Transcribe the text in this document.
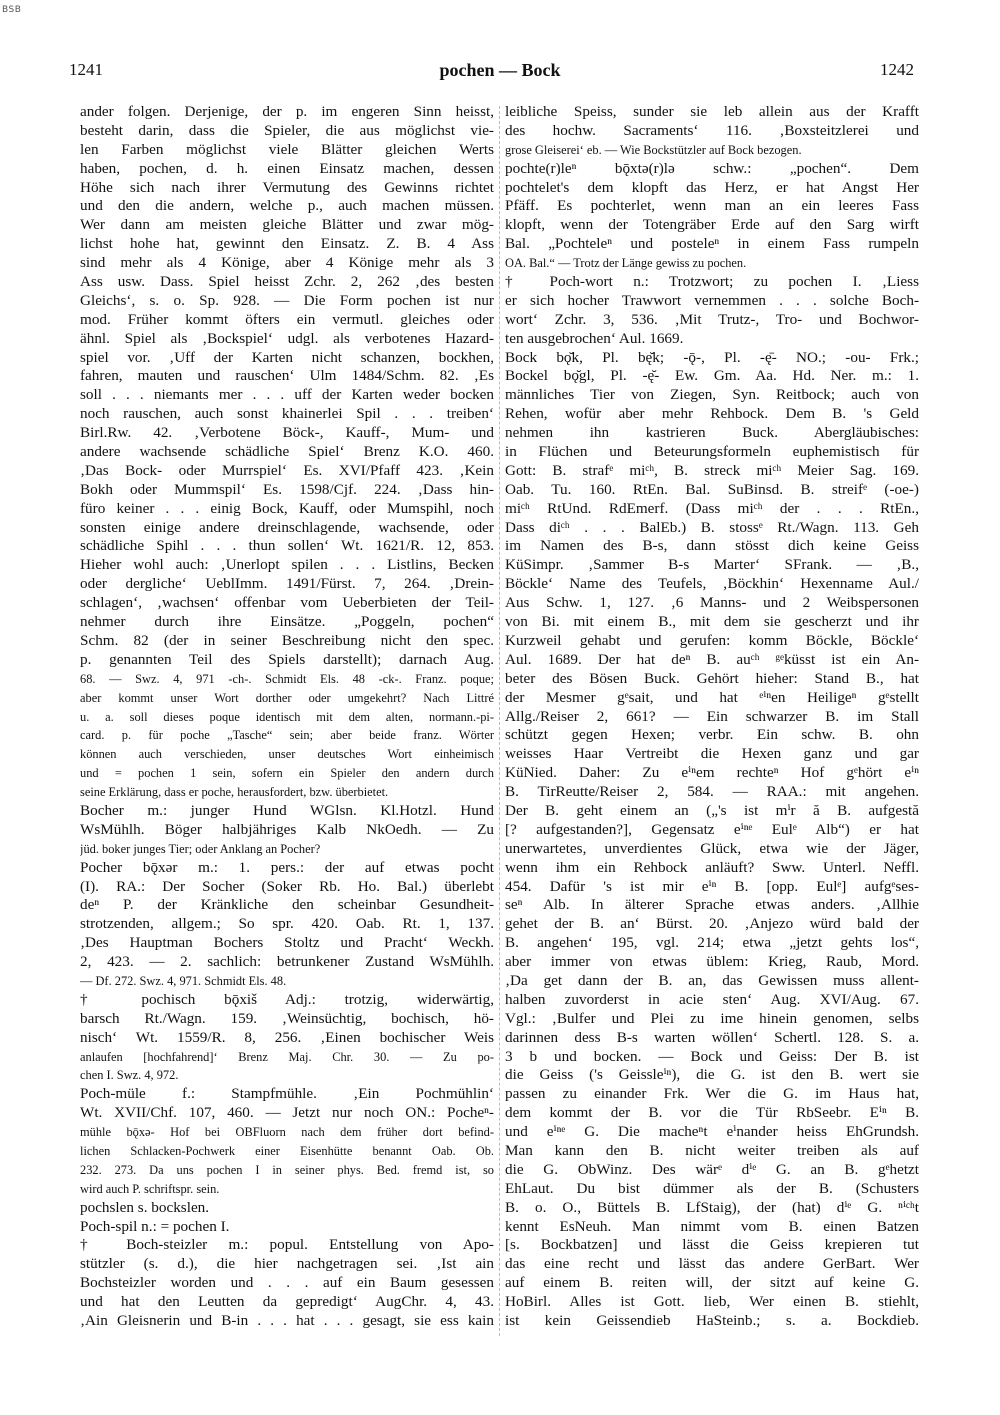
BSB
1241	pochen — Bock	1242
ander folgen. Derjenige, der p. im engeren Sinn heisst,
besteht darin, dass die Spieler, die aus möglichst vie-
len Farben möglichst viele Blätter gleichen Werts
haben, pochen, d. h. einen Einsatz machen, dessen
Höhe sich nach ihrer Vermutung des Gewinns richtet
und den die andern, welche p., auch machen müssen.
Wer dann am meisten gleiche Blätter und zwar mög-
lichst hohe hat, gewinnt den Einsatz. Z. B. 4 Ass
sind mehr als 4 Könige, aber 4 Könige mehr als 3
Ass usw. Dass. Spiel heisst Zchr. 2, 262 ‚des besten
Gleichs‘, s. o. Sp. 928. — Die Form pochen ist nur
mod. Früher kommt öfters ein vermutl. gleiches oder
ähnl. Spiel als ‚Bockspiel‘ udgl. als verbotenes Hazard-
spiel vor. ‚Uff der Karten nicht schanzen, bockhen,
fahren, mauten und rauschen‘ Ulm 1484/Schm. 82. ‚Es
soll . . . niemants mer . . . uff der Karten weder bocken
noch rauschen, auch sonst khainerlei Spil . . . treiben‘
Birl.Rw. 42. ‚Verbotene Böck-, Kauff-, Mum- und
andere wachsende schädliche Spiel‘ Brenz K.O. 460.
‚Das Bock- oder Murrspiel‘ Es. XVI/Pfaff 423. ‚Kein
Bokh oder Mummspil‘ Es. 1598/Cjf. 224. ‚Dass hin-
füro keiner . . . einig Bock, Kauff, oder Mumspihl, noch
sonsten einige andere dreinschlagende, wachsende, oder
schädliche Spihl . . . thun sollen‘ Wt. 1621/R. 12, 853.
Hieher wohl auch: ‚Unerlopt spilen . . . Listlins, Becken
oder dergliche‘ UeblImm. 1491/Fürst. 7, 264. ‚Drein-
schlagen‘, ‚wachsen‘ offenbar vom Ueberbieten der Teil-
nehmer durch ihre Einsätze. „Poggeln, pochen“
Schm. 82 (der in seiner Beschreibung nicht den spec.
p. genannten Teil des Spiels darstellt); darnach Aug.
68. — Swz. 4, 971 -ch-. Schmidt Els. 48 -ck-. Franz. poque;
aber kommt unser Wort dorther oder umgekehrt? Nach Littré
u. a. soll dieses poque identisch mit dem alten, normann.-pi-
card. p. für poche „Tasche“ sein; aber beide franz. Wörter
können auch verschieden, unser deutsches Wort einheimisch
und = pochen 1 sein, sofern ein Spieler den andern durch
seine Erklärung, dass er poche, herausfordert, bzw. überbietet.
Bocher m.: junger Hund WGlsn. Kl.Hotzl. Hund
WsMühlh. Böger halbjähriges Kalb NkOedh. — Zu
jüd. boker junges Tier; oder Anklang an Pocher?
Pocher bǭxǝr m.: 1. pers.: der auf etwas pocht
(I). RA.: Der Socher (Soker Rb. Ho. Bal.) überlebt
deⁿ P. der Kränkliche den scheinbar Gesundheit-
strotzenden, allgem.; So spr. 420. Oab. Rt. 1, 137.
‚Des Hauptman Bochers Stoltz und Pracht‘ Weckh.
2, 423. — 2. sachlich: betrunkener Zustand WsMühlh.
— Df. 272. Swz. 4, 971. Schmidt Els. 48.
† pochisch bǭxiš Adj.: trotzig, widerwärtig,
barsch Rt./Wagn. 159. ‚Weinsüchtig, bochisch, hö-
nisch‘ Wt. 1559/R. 8, 256. ‚Einen bochischer Weis
anlaufen [hochfahrend]‘ Brenz Maj. Chr. 30. — Zu po-
chen I. Swz. 4, 972.
Poch-müle f.: Stampfmühle. ‚Ein Pochmühlin‘
Wt. XVII/Chf. 107, 460. — Jetzt nur noch ON.: Pocheⁿ-
mühle bǭxǝ- Hof bei OBFluorn nach dem früher dort befind-
lichen Schlacken-Pochwerk einer Eisenhütte benannt Oab. Ob.
232. 273. Da uns pochen I in seiner phys. Bed. fremd ist, so
wird auch P. schriftspr. sein.
pochslen s. bockslen.
Poch-spil n.: = pochen I.
† Boch-steizler m.: popul. Entstellung von Apo-
stützler (s. d.), die hier nachgetragen sei. ‚Ist ain
Bochsteizler worden und . . . auf ein Baum gesessen
und hat den Leutten da gepredigt‘ AugChr. 4, 43.
‚Ain Gleisnerin und B-in . . . hat . . . gesagt, sie ess kain
leibliche Speiss, sunder sie leb allein aus der Krafft
des hochw. Sacraments‘ 116. ‚Boxsteitzlerei und
grose Gleiserei‘ eb. — Wie Bockstützler auf Bock bezogen.
pochte(r)leⁿ bǭxtǝ(r)lǝ schw.: „pochen“. Dem
pochtelet's dem klopft das Herz, er hat Angst Her
Pfäff. Es pochterlet, wenn man an ein leeres Fass
klopft, wenn der Totengräber Erde auf den Sarg wirft
Bal. „Pochteleⁿ und posteleⁿ in einem Fass rumpeln
OA. Bal.“ — Trotz der Länge gewiss zu pochen.
† Poch-wort n.: Trotzwort; zu pochen I. ‚Liess
er sich hocher Trawwort vernemmen . . . solche Boch-
wort‘ Zchr. 3, 536. ‚Mit Trutz-, Tro- und Bochwor-
ten ausgebrochen‘ Aul. 1669.
Bock bǫ̆k, Pl. bę̆k; -ǭ-, Pl. -ę̄- NO.; -ou- Frk.;
Bockel bǫ̆gl, Pl. -ę̆- Ew. Gm. Aa. Hd. Ner. m.: 1.
männliches Tier von Ziegen, Syn. Reitbock; auch von
Rehen, wofür aber mehr Rehbock. Dem B. 's Geld
nehmen ihn kastrieren Buck. Abergläubisches:
in Flüchen und Beteurungsformeln euphemistisch für
Gott: B. strafᵉ miᶜʰ, B. streck miᶜʰ Meier Sag. 169.
Oab. Tu. 160. RtEn. Bal. SuBinsd. B. streifᵉ (-oe-)
miᶜʰ RtUnd. RdEmerf. (Dass miᶜʰ der . . . RtEn.,
Dass diᶜʰ . . . BalEb.) B. stossᵉ Rt./Wagn. 113. Geh
im Namen des B-s, dann stösst dich keine Geiss
KüSimpr. ‚Sammer B-s Marter‘ SFrank. — ‚B.,
Böckle‘ Name des Teufels, ‚Böckhin‘ Hexenname Aul./
Aus Schw. 1, 127. ‚6 Manns- und 2 Weibspersonen
von Bi. mit einem B., mit dem sie gescherzt und ihr
Kurzweil gehabt und gerufen: komm Böckle, Böckle‘
Aul. 1689. Der hat deⁿ B. auᶜʰ ᵍᵉküsst ist ein An-
beter des Bösen Buck. Gehört hieher: Stand B., hat
der Mesmer gᵉsait, und hat ᵉⁱⁿen Heiligeⁿ gᵉstellt
Allg./Reiser 2, 661? — Ein schwarzer B. im Stall
schützt gegen Hexen; verbr. Ein schw. B. ohn
weisses Haar Vertreibt die Hexen ganz und gar
KüNied. Daher: Zu eⁱⁿem rechteⁿ Hof gᵉhört eⁱⁿ
B. TirReutte/Reiser 2, 584. — RAA.: mit angehen.
Der B. geht einem an („'s ist mⁱr ă B. aufgestă
[? aufgestanden?], Gegensatz eⁱⁿᵉ Eulᵉ Alb“) er hat
unerwartetes, unverdientes Glück, etwa wie der Jäger,
wenn ihm ein Rehbock anläuft? Sww. Unterl. Neffl.
454. Dafür 's ist mir eⁱⁿ B. [opp. Eulᵉ] aufgᵉses-
seⁿ Alb. In älterer Sprache etwas anders. ‚Allhie
gehet der B. an‘ Bürst. 20. ‚Anjezo würd bald der
B. angehen‘ 195, vgl. 214; etwa „jetzt gehts los“,
aber immer von etwas üblem: Krieg, Raub, Mord.
‚Da get dann der B. an, das Gewissen muss allent-
halben zuvorderst in acie sten‘ Aug. XVI/Aug. 67.
Vgl.: ‚Bulfer und Plei zu ime hinein genomen, selbs
darinnen dess B-s warten wöllen‘ Schertl. 128. S. a.
3 b und bocken. — Bock und Geiss: Der B. ist
die Geiss ('s Geissleⁱⁿ), die G. ist den B. wert sie
passen zu einander Frk. Wer die G. im Haus hat,
dem kommt der B. vor die Tür RbSeebr. Eⁱⁿ B.
und eⁱⁿᵉ G. Die macheⁿt eⁱnander heiss EhGrundsh.
Man kann den B. nicht weiter treiben als auf
die G. ObWinz. Des wärᵉ dⁱᵉ G. an B. gᵉhetzt
EhLaut. Du bist dümmer als der B. (Schusters
B. o. O., Büttels B. LfStaig), der (hat) dⁱᵉ G. ⁿⁱᶜʰt
kennt EsNeuh. Man nimmt vom B. einen Batzen
[s. Bockbatzen] und lässt die Geiss krepieren tut
das eine recht und lässt das andere GerBart. Wer
auf einem B. reiten will, der sitzt auf keine G.
HoBirl. Alles ist Gott. lieb, Wer einen B. stiehlt,
ist kein Geissendieb HaSteinb.; s. a. Bockdieb.
